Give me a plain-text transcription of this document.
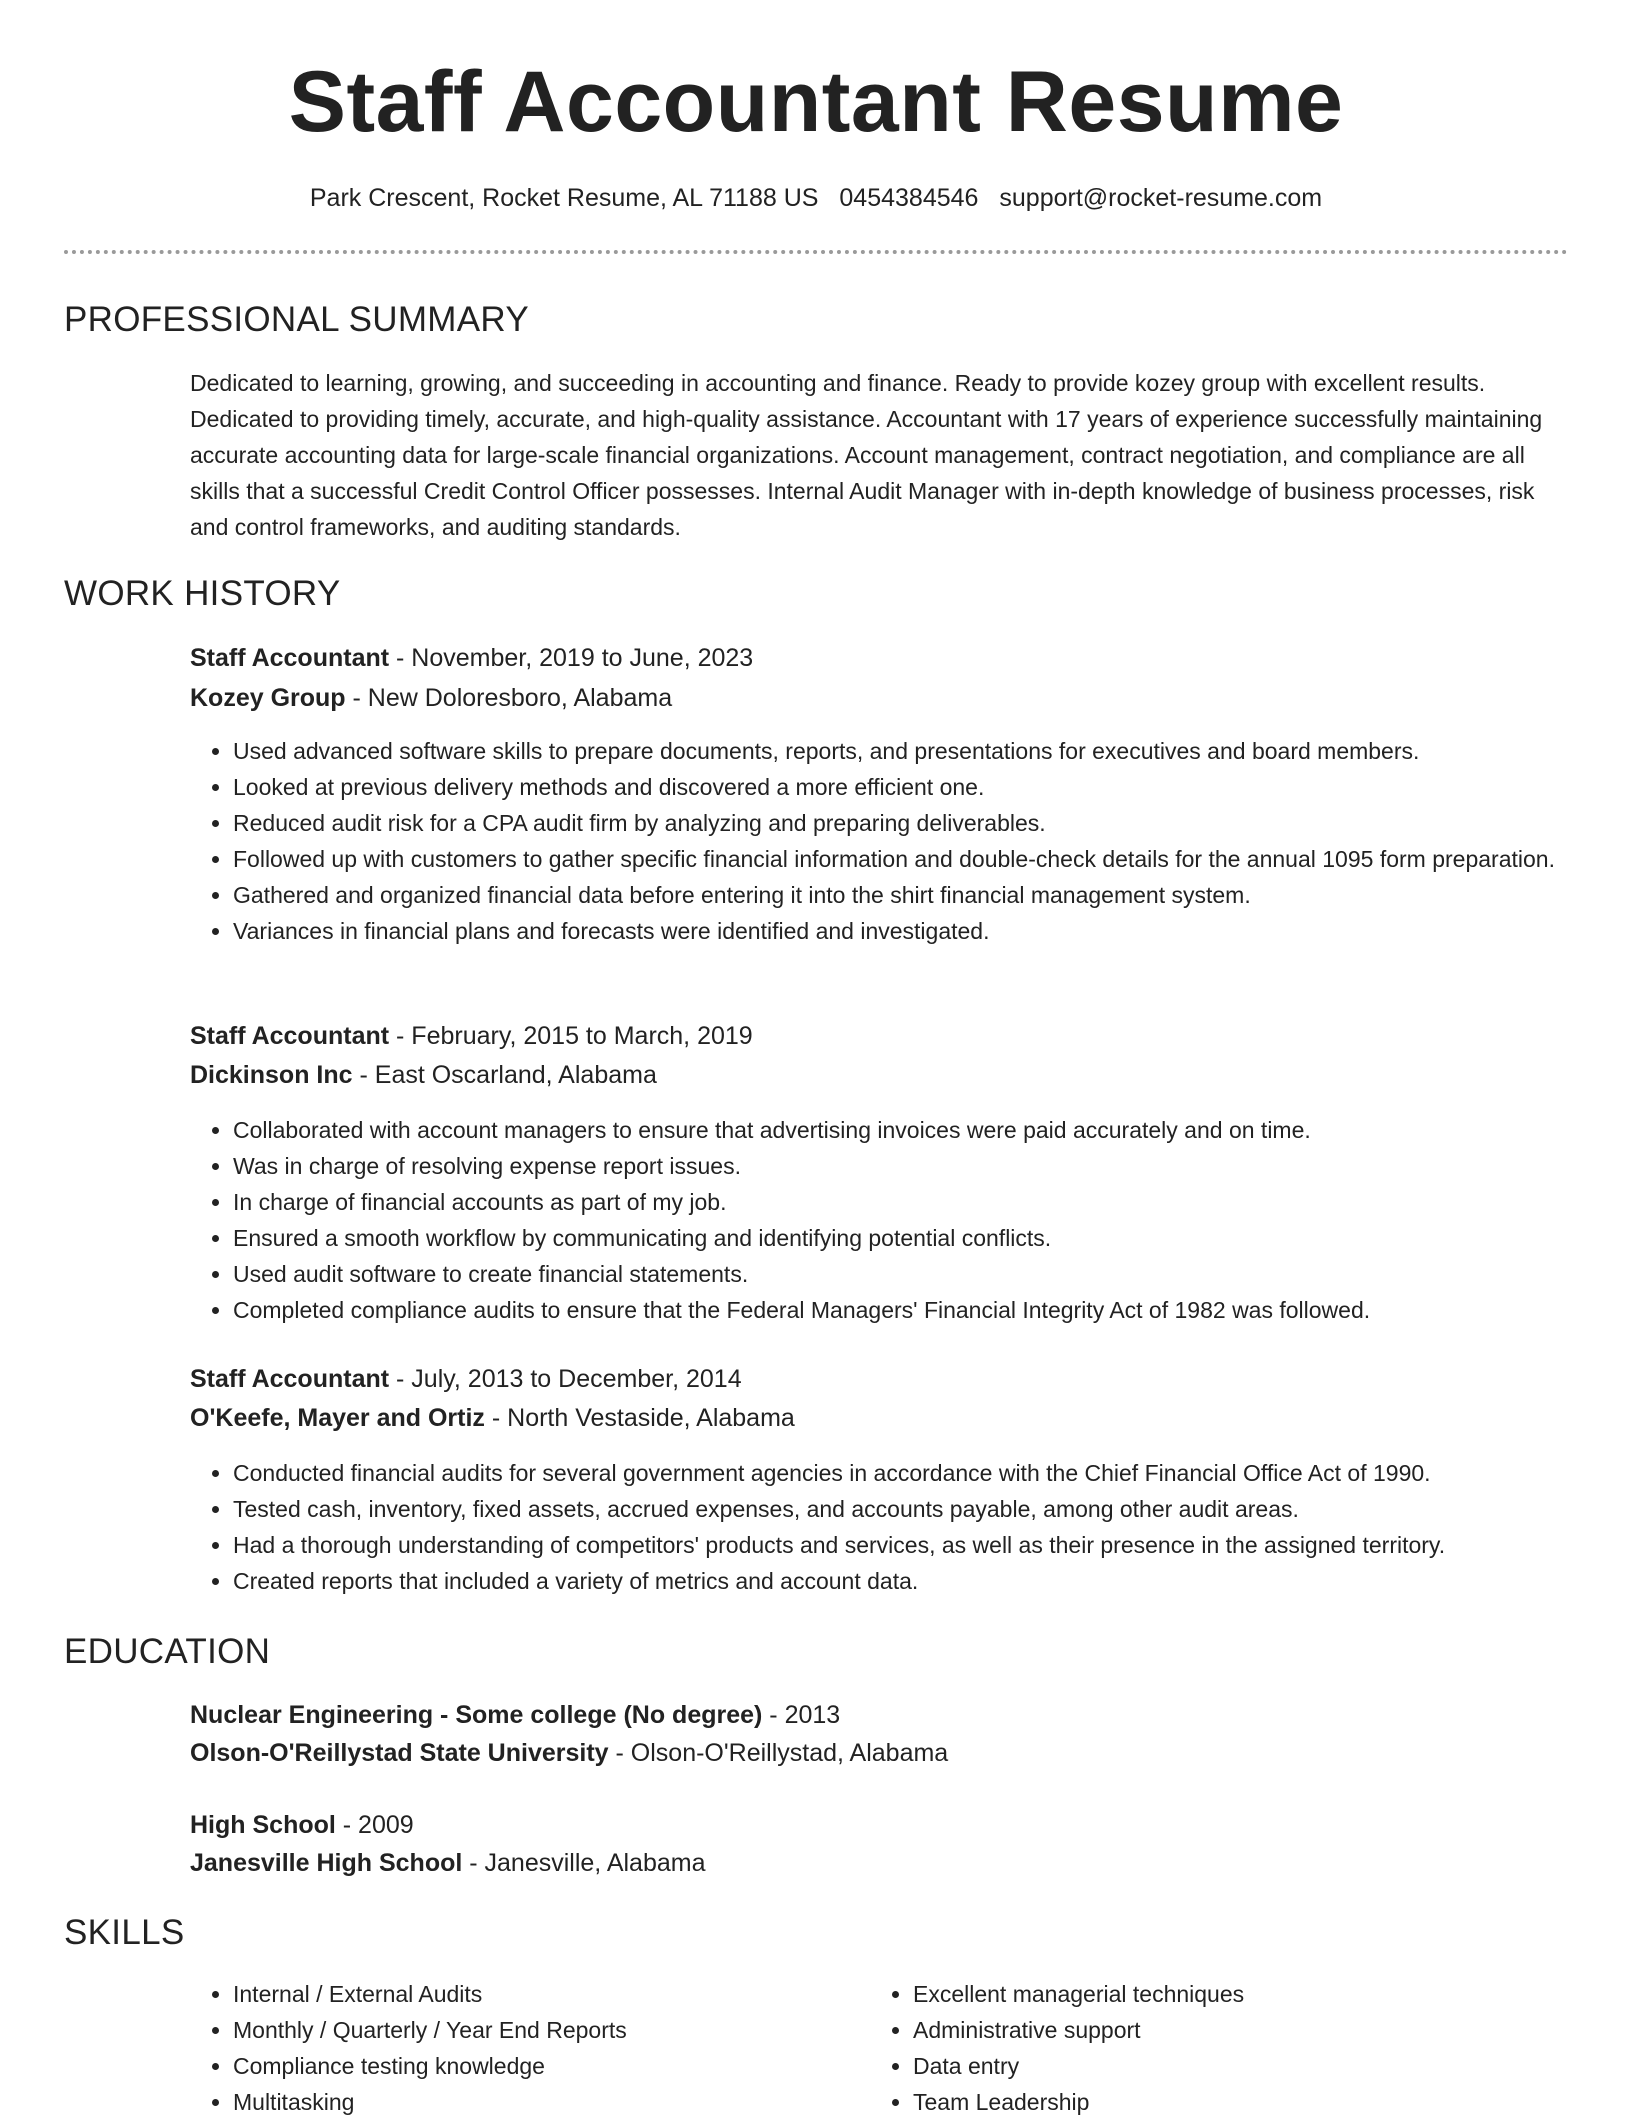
Staff Accountant Resume
Park Crescent, Rocket Resume, AL 71188 US 0454384546 support@rocket-resume.com
PROFESSIONAL SUMMARY

Dedicated to learning, growing, and succeeding in accounting and finance. Ready to provide kozey group with excellent results. Dedicated to providing timely, accurate, and high-quality assistance. Accountant with 17 years of experience successfully maintaining accurate accounting data for large-scale financial organizations. Account management, contract negotiation, and compliance are all skills that a successful Credit Control Officer possesses. Internal Audit Manager with in-depth knowledge of business processes, risk and control frameworks, and auditing standards.

WORK HISTORY
Staff Accountant - November, 2019 to June, 2023
Kozey Group - New Doloresboro, Alabama
• Used advanced software skills to prepare documents, reports, and presentations for executives and board members.
• Looked at previous delivery methods and discovered a more efficient one.
• Reduced audit risk for a CPA audit firm by analyzing and preparing deliverables.
• Followed up with customers to gather specific financial information and double-check details for the annual 1095 form preparation.
• Gathered and organized financial data before entering it into the shirt financial management system.
• Variances in financial plans and forecasts were identified and investigated.
Staff Accountant - February, 2015 to March, 2019
Dickinson Inc - East Oscarland, Alabama
• Collaborated with account managers to ensure that advertising invoices were paid accurately and on time.
• Was in charge of resolving expense report issues.
• In charge of financial accounts as part of my job.
• Ensured a smooth workflow by communicating and identifying potential conflicts.
• Used audit software to create financial statements.
• Completed compliance audits to ensure that the Federal Managers' Financial Integrity Act of 1982 was followed.
Staff Accountant - July, 2013 to December, 2014
O'Keefe, Mayer and Ortiz - North Vestaside, Alabama
• Conducted financial audits for several government agencies in accordance with the Chief Financial Office Act of 1990.
• Tested cash, inventory, fixed assets, accrued expenses, and accounts payable, among other audit areas.
• Had a thorough understanding of competitors' products and services, as well as their presence in the assigned territory.
• Created reports that included a variety of metrics and account data.
EDUCATION
Nuclear Engineering - Some college (No degree) - 2013
Olson-O'Reillystad State University - Olson-O'Reillystad, Alabama
High School - 2009
Janesville High School - Janesville, Alabama
SKILLS
• Internal / External Audits
• Monthly / Quarterly / Year End Reports
• Compliance testing knowledge
• Multitasking
• Excellent managerial techniques
• Administrative support
• Data entry
• Team Leadership
